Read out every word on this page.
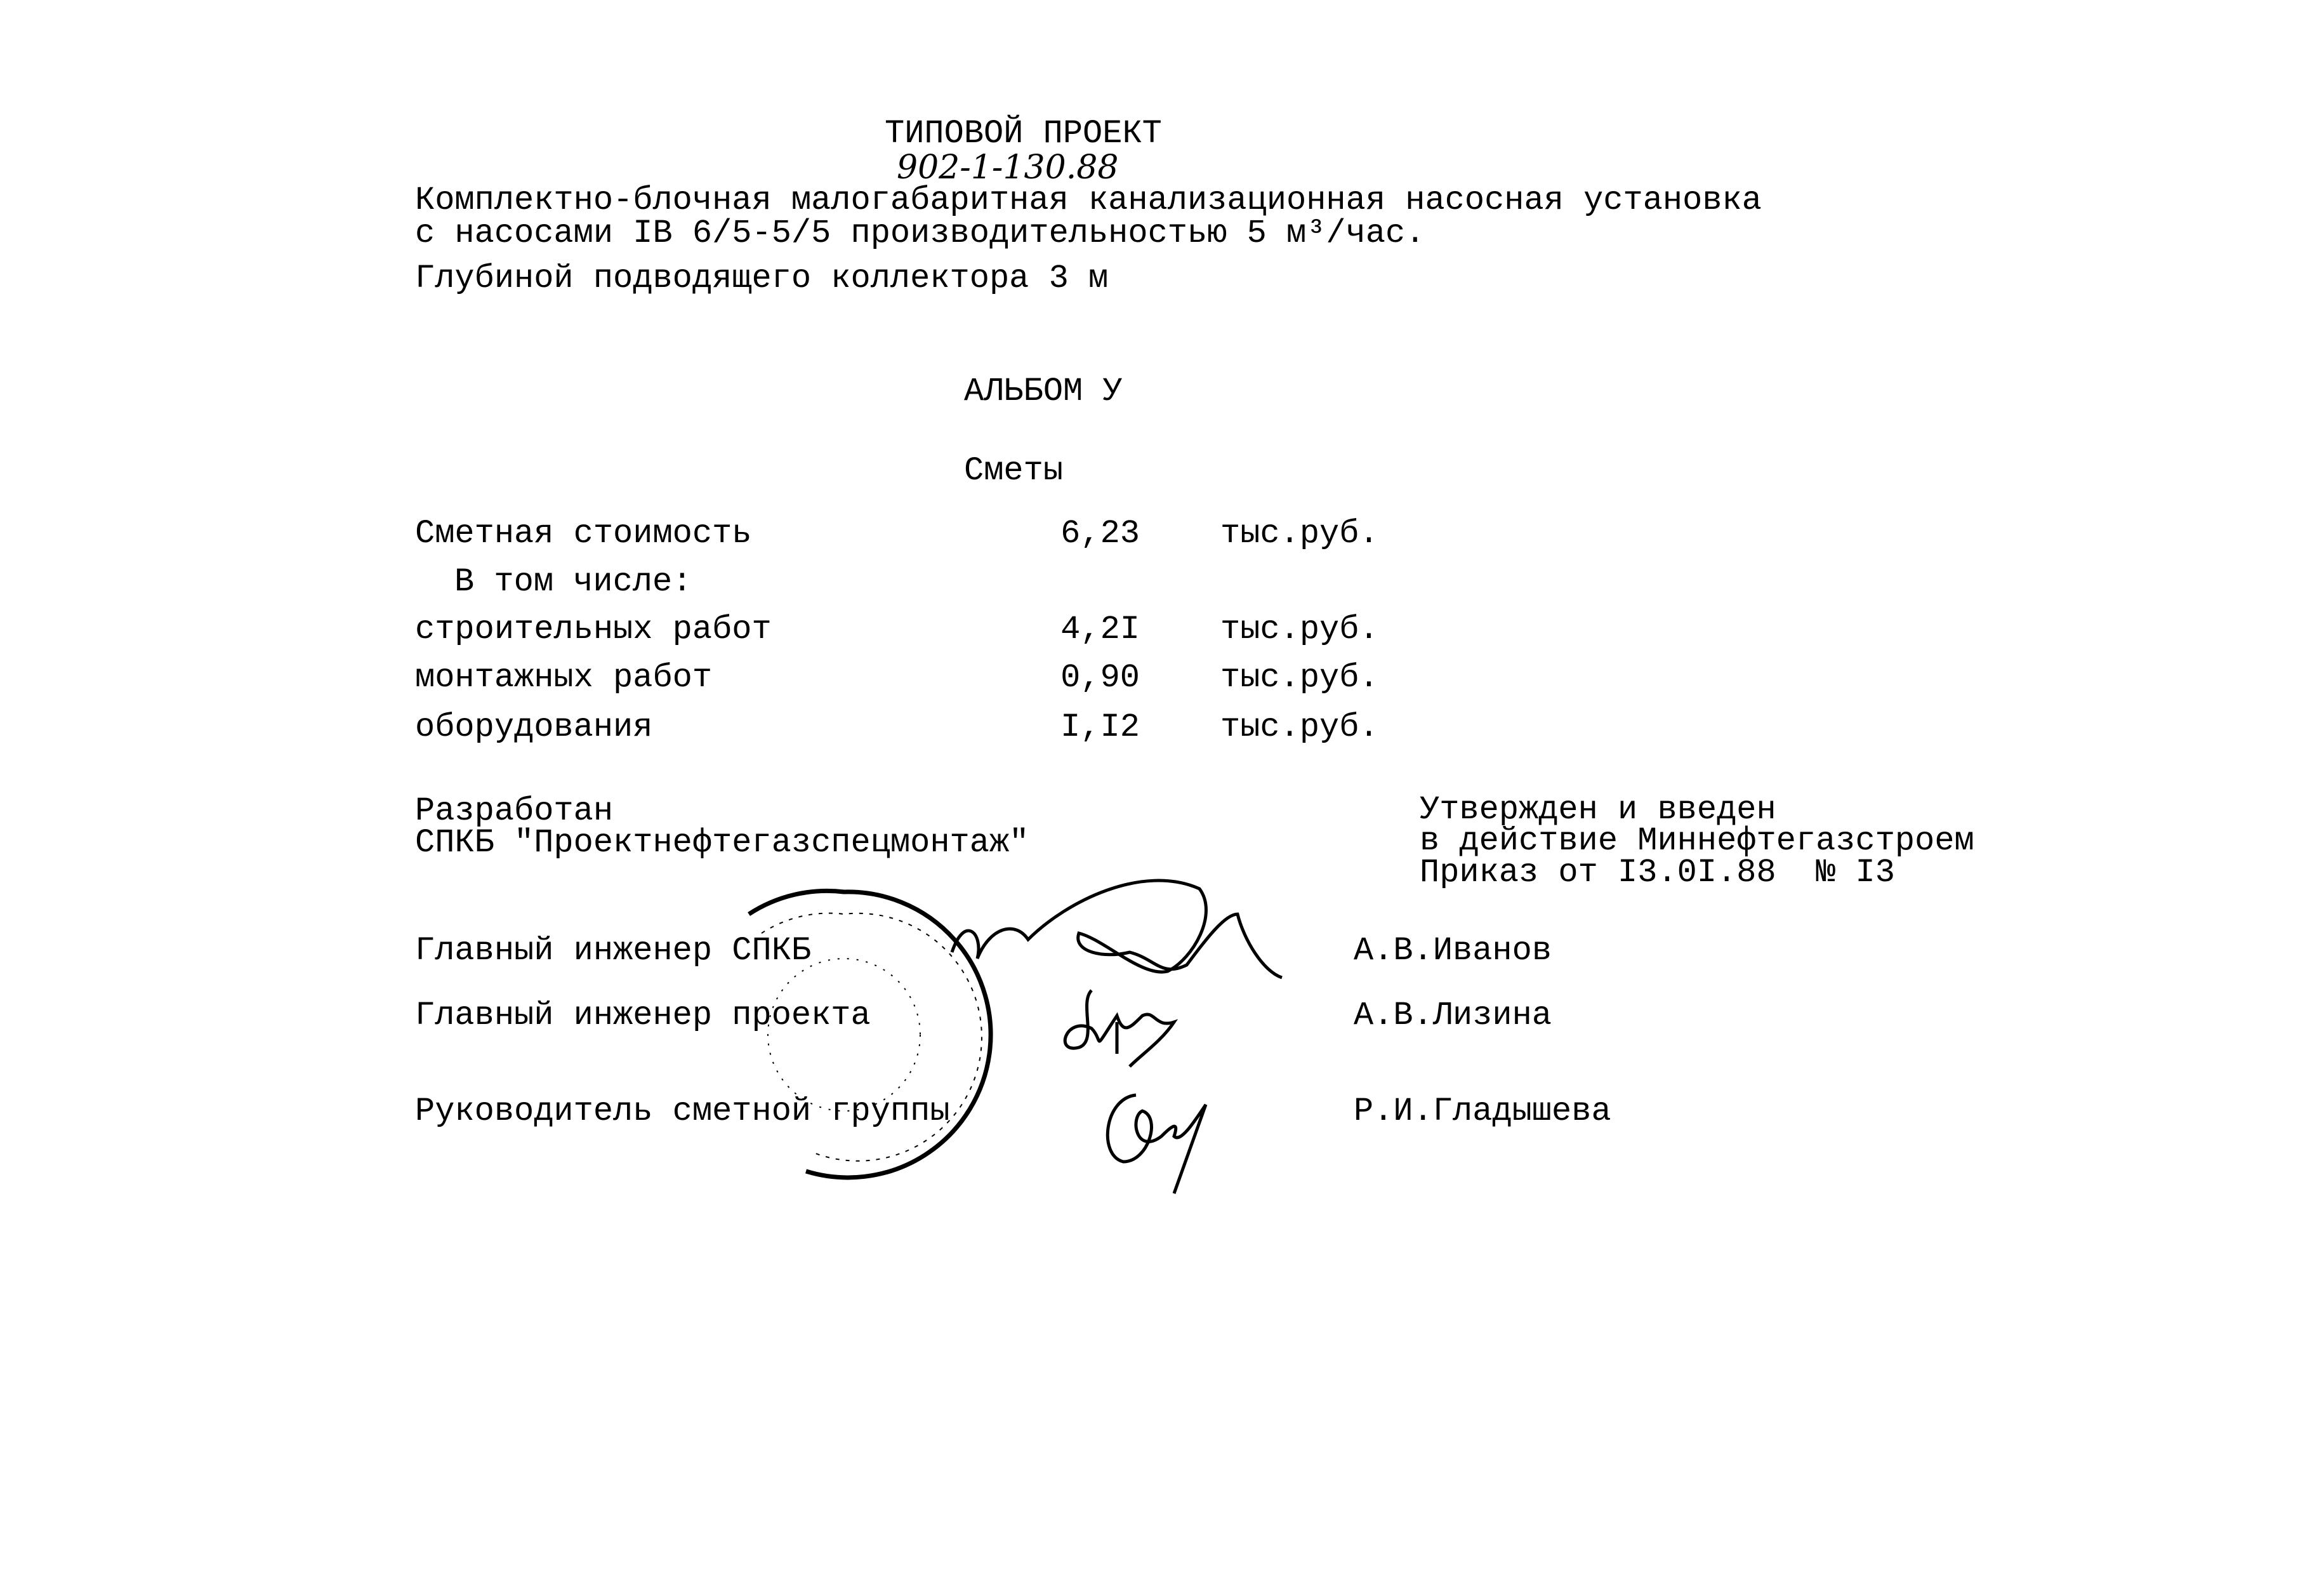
ТИПОВОЙ ПРОЕКТ
902-1-130.88
Комплектно-блочная малогабаритная канализационная насосная установка
с насосами IВ 6/5-5/5 производительностью 5 м³/час.
Глубиной подводящего коллектора 3 м
АЛЬБОМ У
Сметы
Сметная стоимость	6,23 тыс.руб.
В том числе:
строительных работ	4,2I тыс.руб.
монтажных работ	0,90 тыс.руб.
оборудования	I,I2 тыс.руб.
Разработан
СПКБ "Проектнефтегазспецмонтаж"
Утвержден и введен
в действие Миннефтегазстроем
Приказ от I3.0I.88  № I3
Главный инженер СПКБ	А.В.Иванов
Главный инженер проекта	А.В.Лизина
Руководитель сметной группы	Р.И.Гладышева
